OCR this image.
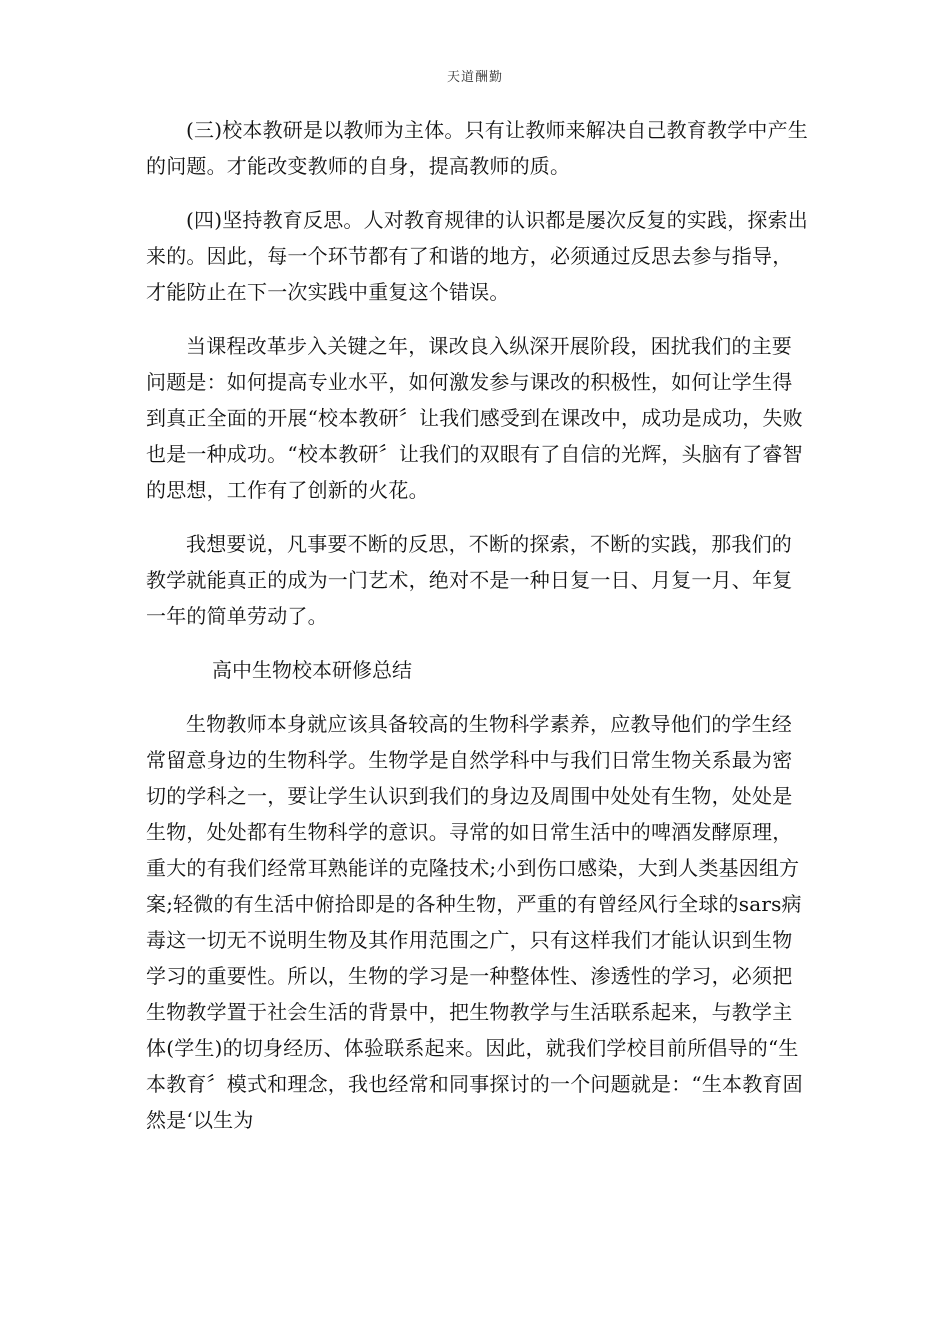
天道酬勤

(三)校本教研是以教师为主体。只有让教师来解决自己教育教学中产生的问题。才能改变教师的自身，提高教师的质。

(四)坚持教育反思。人对教育规律的认识都是屡次反复的实践，探索出来的。因此，每一个环节都有了和谐的地方，必须通过反思去参与指导，才能防止在下一次实践中重复这个错误。

当课程改革步入关键之年，课改良入纵深开展阶段，困扰我们的主要问题是：如何提高专业水平，如何激发参与课改的积极性，如何让学生得到真正全面的开展“校本教研〞让我们感受到在课改中，成功是成功，失败也是一种成功。“校本教研〞让我们的双眼有了自信的光辉，头脑有了睿智的思想，工作有了创新的火花。

我想要说，凡事要不断的反思，不断的探索，不断的实践，那我们的教学就能真正的成为一门艺术，绝对不是一种日复一日、月复一月、年复一年的简单劳动了。

高中生物校本研修总结

生物教师本身就应该具备较高的生物科学素养，应教导他们的学生经常留意身边的生物科学。生物学是自然学科中与我们日常生物关系最为密切的学科之一，要让学生认识到我们的身边及周围中处处有生物，处处是生物，处处都有生物科学的意识。寻常的如日常生活中的啤酒发酵原理，重大的有我们经常耳熟能详的克隆技术;小到伤口感染，大到人类基因组方案;轻微的有生活中俯拾即是的各种生物，严重的有曾经风行全球的sars病毒这一切无不说明生物及其作用范围之广，只有这样我们才能认识到生物学习的重要性。所以，生物的学习是一种整体性、渗透性的学习，必须把生物教学置于社会生活的背景中，把生物教学与生活联系起来，与教学主体(学生)的切身经历、体验联系起来。因此，就我们学校目前所倡导的“生本教育〞模式和理念，我也经常和同事探讨的一个问题就是：“生本教育固然是‘以生为
